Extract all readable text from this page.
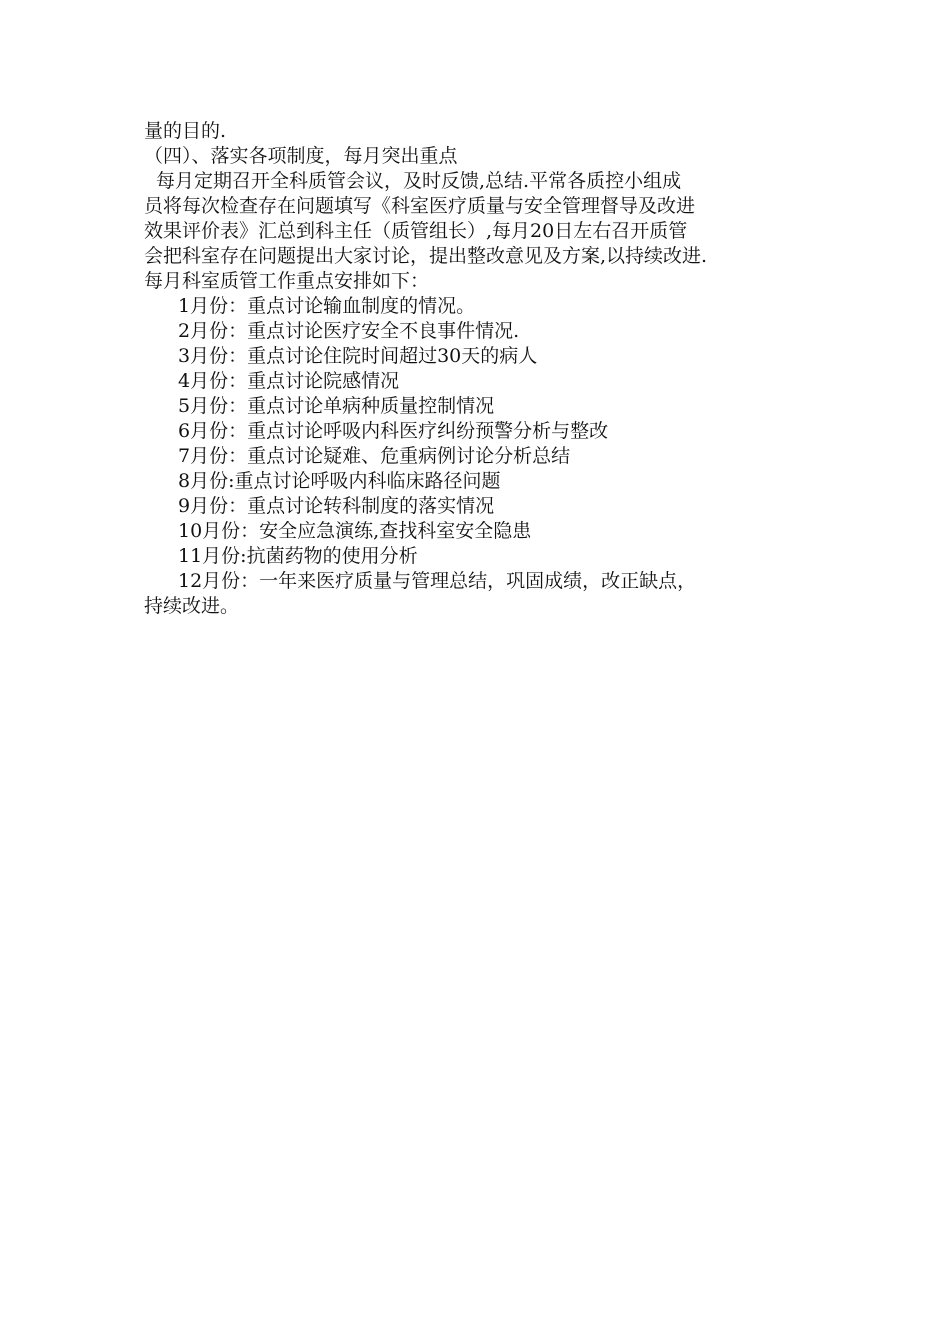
量的目的.
（四）、落实各项制度，每月突出重点
每月定期召开全科质管会议，及时反馈,总结.平常各质控小组成
员将每次检查存在问题填写《科室医疗质量与安全管理督导及改进
效果评价表》汇总到科主任（质管组长）,每月20日左右召开质管
会把科室存在问题提出大家讨论，提出整改意见及方案,以持续改进.
每月科室质管工作重点安排如下：
1月份：重点讨论输血制度的情况。
2月份：重点讨论医疗安全不良事件情况.
3月份：重点讨论住院时间超过30天的病人
4月份：重点讨论院感情况
5月份：重点讨论单病种质量控制情况
6月份：重点讨论呼吸内科医疗纠纷预警分析与整改
7月份：重点讨论疑难、危重病例讨论分析总结
8月份:重点讨论呼吸内科临床路径问题
9月份：重点讨论转科制度的落实情况
10月份：安全应急演练,查找科室安全隐患
11月份:抗菌药物的使用分析
12月份：一年来医疗质量与管理总结，巩固成绩，改正缺点，
持续改进。
